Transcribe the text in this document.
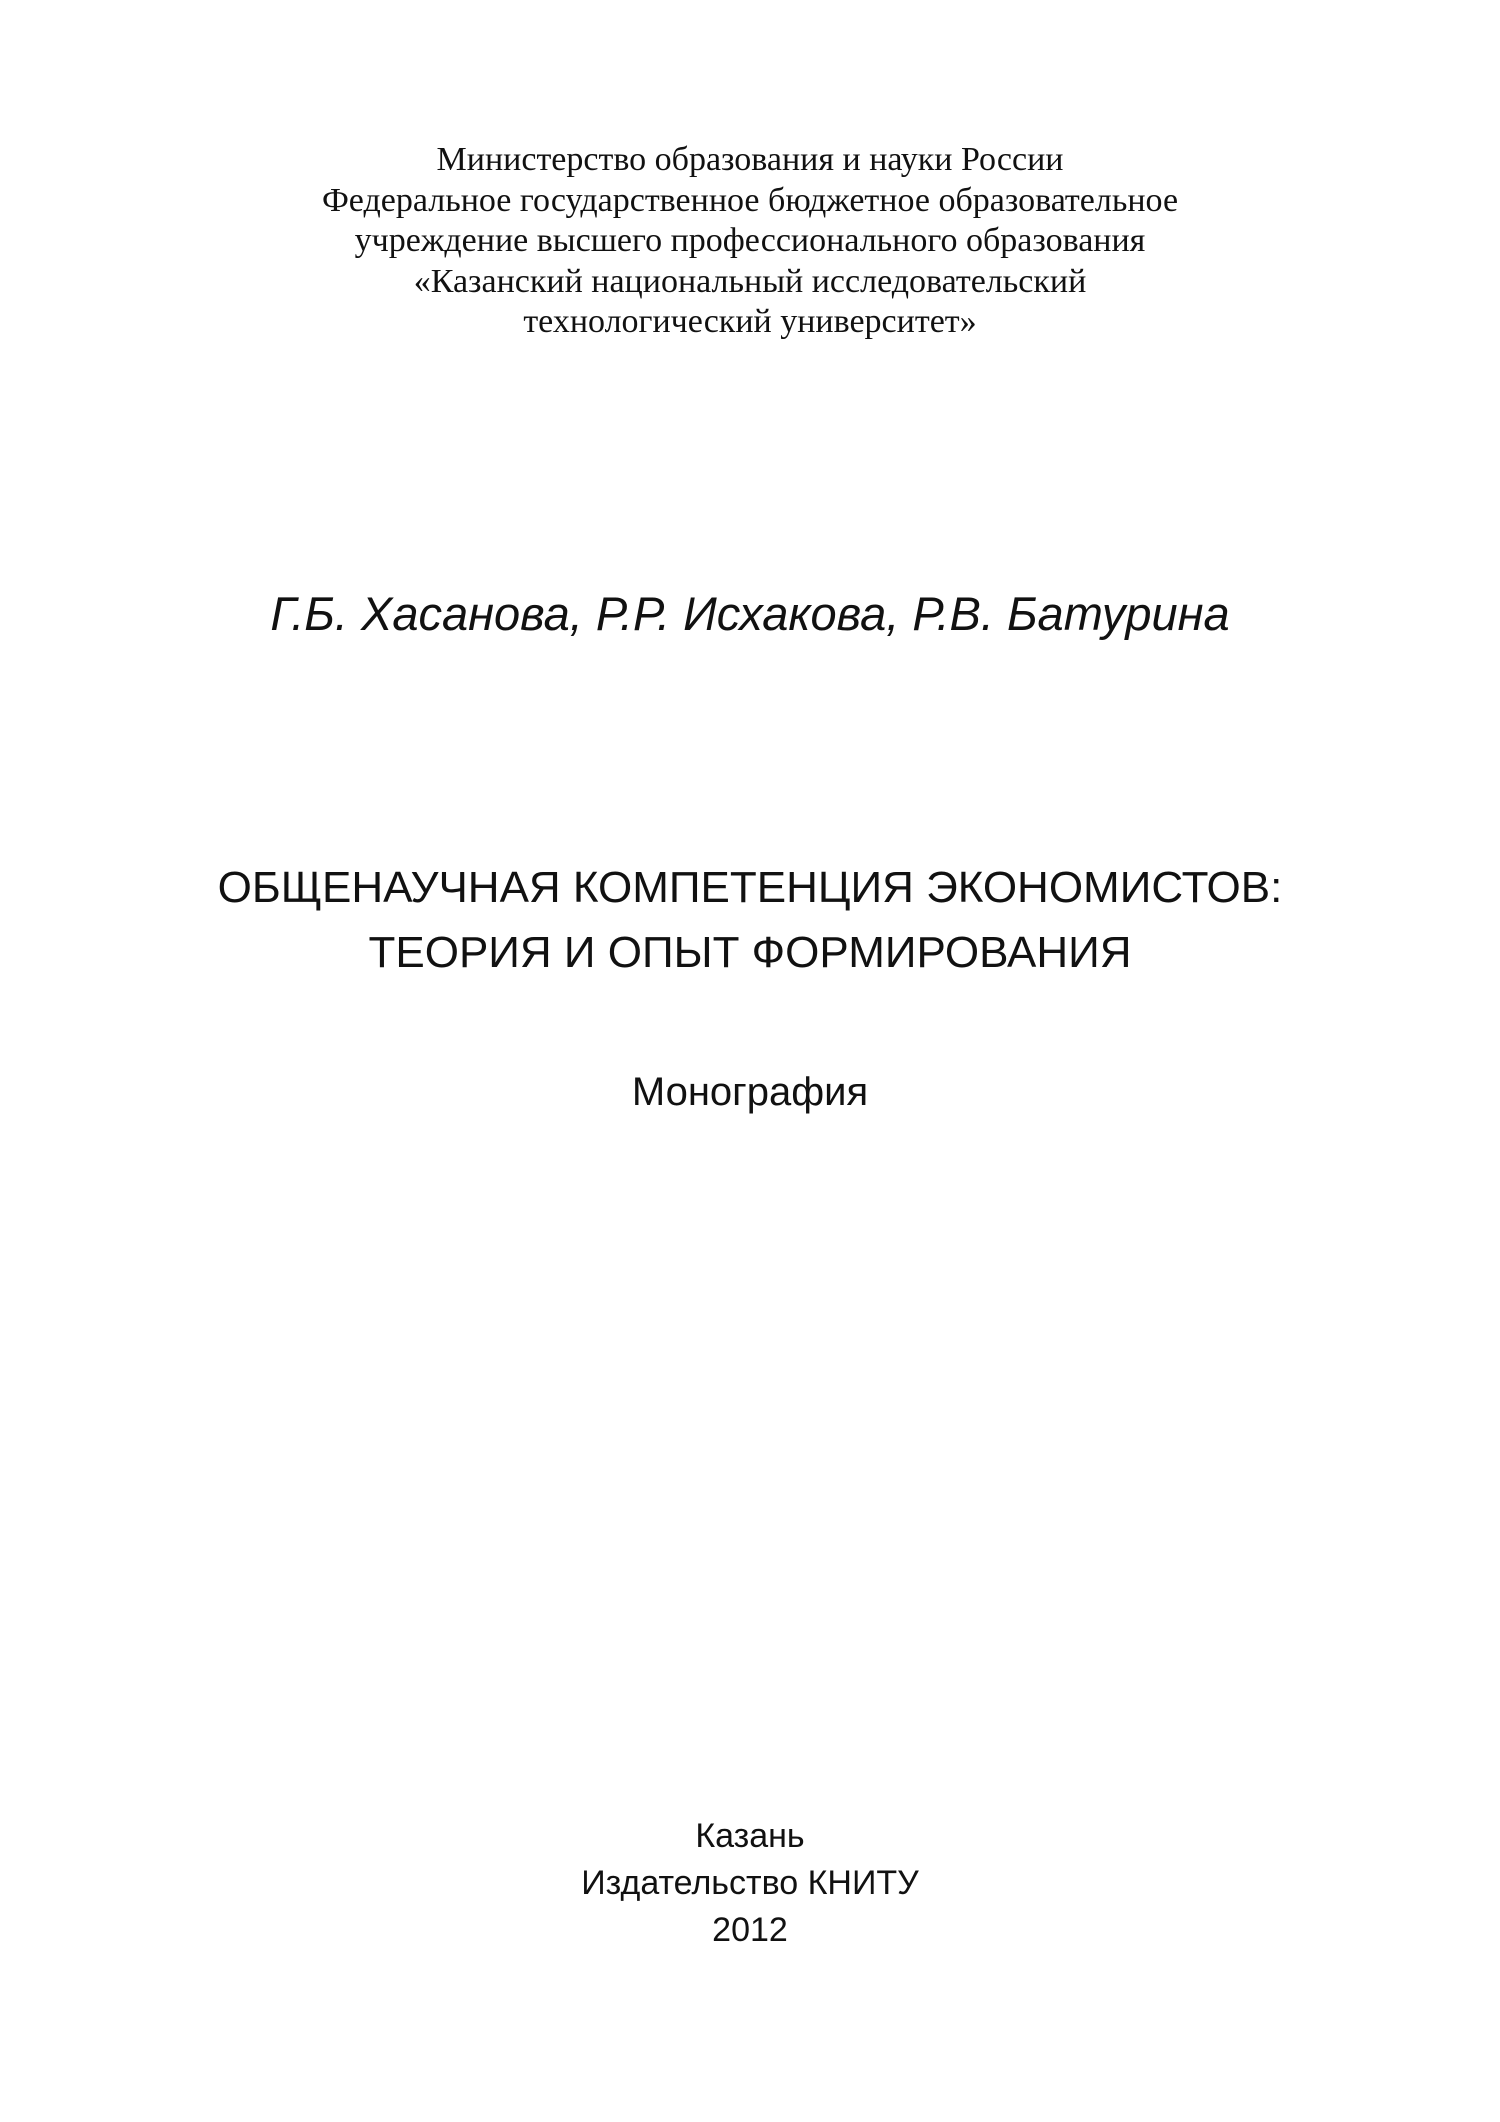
Министерство образования и науки России
Федеральное государственное бюджетное образовательное
учреждение высшего профессионального образования
«Казанский национальный исследовательский
технологический университет»
Г.Б. Хасанова, Р.Р. Исхакова, Р.В. Батурина
ОБЩЕНАУЧНАЯ КОМПЕТЕНЦИЯ ЭКОНОМИСТОВ:
ТЕОРИЯ И ОПЫТ ФОРМИРОВАНИЯ
Монография
Казань
Издательство КНИТУ
2012
